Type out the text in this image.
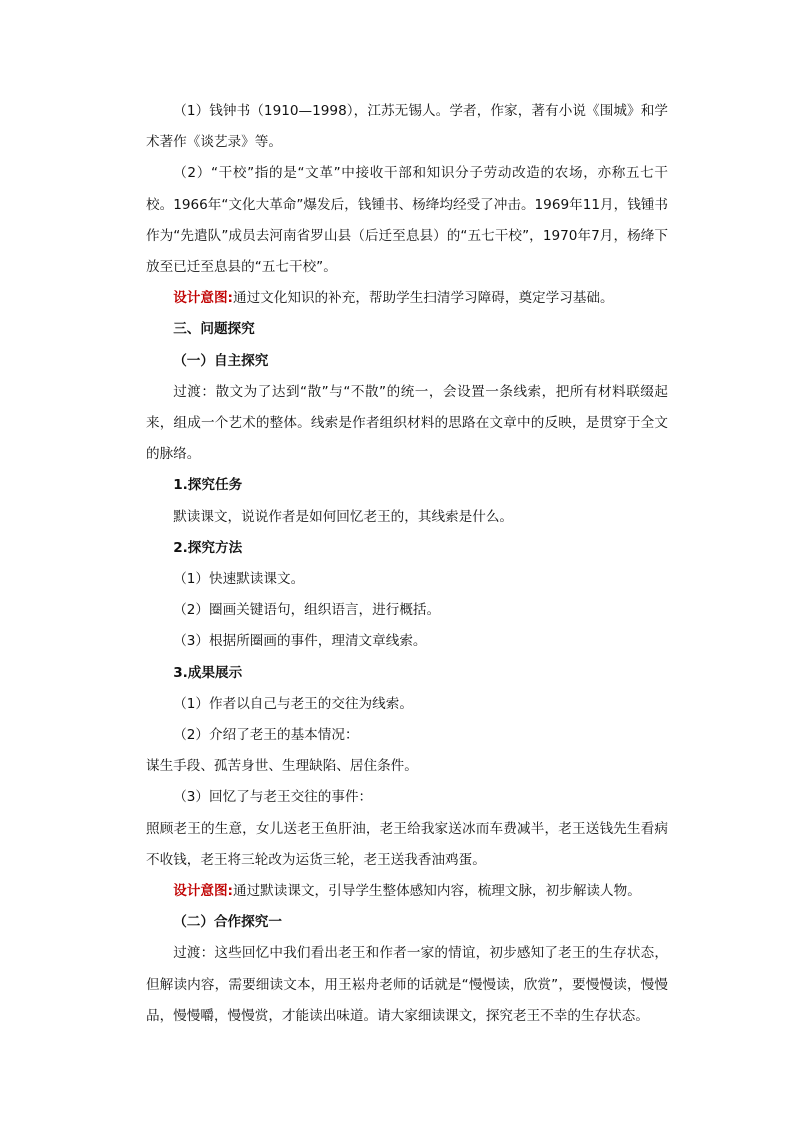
（1）钱钟书（1910—1998），江苏无锡人。学者，作家，著有小说《围城》和学术著作《谈艺录》等。

（2）“干校”指的是“文革”中接收干部和知识分子劳动改造的农场，亦称五七干校。1966年“文化大革命”爆发后，钱锺书、杨绛均经受了冲击。1969年11月，钱锺书作为“先遣队”成员去河南省罗山县（后迁至息县）的“五七干校”，1970年7月，杨绛下放至已迁至息县的“五七干校”。

设计意图:通过文化知识的补充，帮助学生扫清学习障碍，奠定学习基础。

三、问题探究

（一）自主探究

过渡：散文为了达到“散”与“不散”的统一，会设置一条线索，把所有材料联缀起来，组成一个艺术的整体。线索是作者组织材料的思路在文章中的反映，是贯穿于全文的脉络。

1.探究任务

默读课文，说说作者是如何回忆老王的，其线索是什么。

2.探究方法

（1）快速默读课文。

（2）圈画关键语句，组织语言，进行概括。

（3）根据所圈画的事件，理清文章线索。

3.成果展示

（1）作者以自己与老王的交往为线索。

（2）介绍了老王的基本情况：

谋生手段、孤苦身世、生理缺陷、居住条件。

（3）回忆了与老王交往的事件：

照顾老王的生意，女儿送老王鱼肝油，老王给我家送冰而车费减半，老王送钱先生看病不收钱，老王将三轮改为运货三轮，老王送我香油鸡蛋。

设计意图:通过默读课文，引导学生整体感知内容，梳理文脉，初步解读人物。

（二）合作探究一

过渡：这些回忆中我们看出老王和作者一家的情谊，初步感知了老王的生存状态，但解读内容，需要细读文本，用王崧舟老师的话就是“慢慢读，欣赏”，要慢慢读，慢慢品，慢慢嚼，慢慢赏，才能读出味道。请大家细读课文，探究老王不幸的生存状态。
